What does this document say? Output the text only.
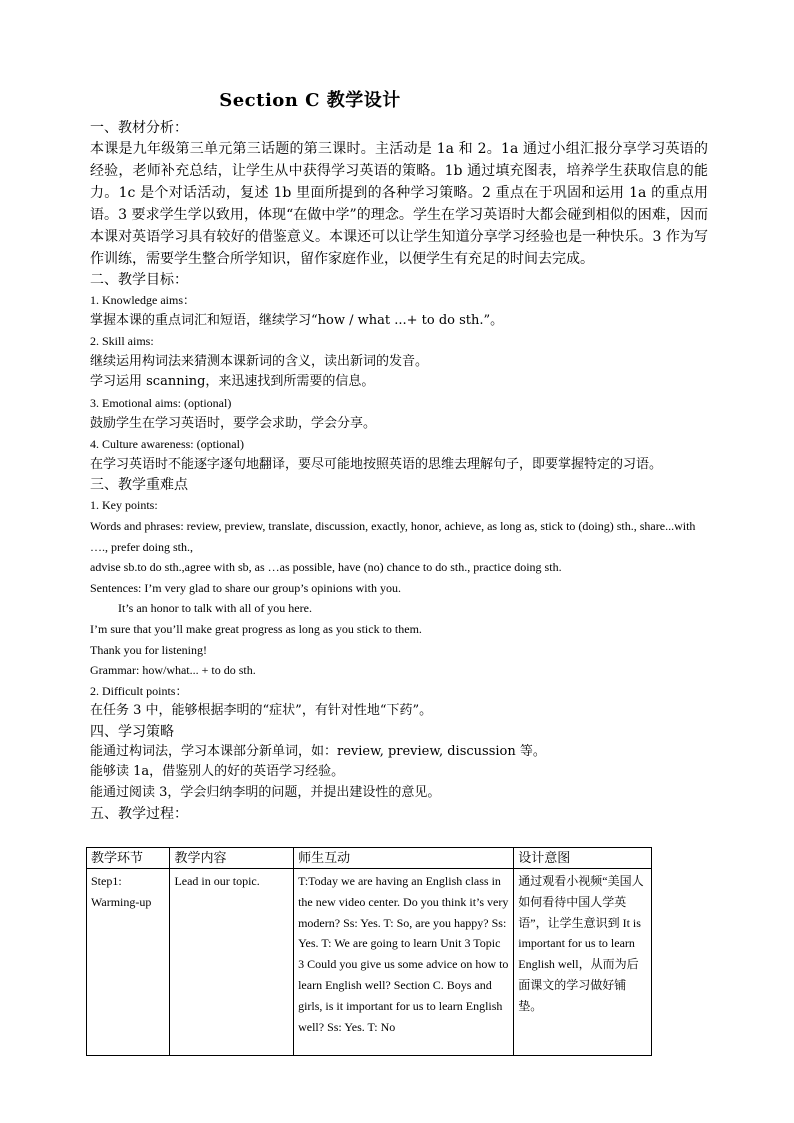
Section C 教学设计

一、教材分析：

本课是九年级第三单元第三话题的第三课时。主活动是 1a 和 2。1a 通过小组汇报分享学习英语的经验，老师补充总结，让学生从中获得学习英语的策略。1b 通过填充图表，培养学生获取信息的能力。1c 是个对话活动，复述 1b 里面所提到的各种学习策略。2 重点在于巩固和运用 1a 的重点用语。3 要求学生学以致用，体现“在做中学”的理念。学生在学习英语时大都会碰到相似的困难，因而本课对英语学习具有较好的借鉴意义。本课还可以让学生知道分享学习经验也是一种快乐。3 作为写作训练，需要学生整合所学知识，留作家庭作业，以便学生有充足的时间去完成。

二、教学目标：

1. Knowledge aims：

掌握本课的重点词汇和短语，继续学习“how / what ...+ to do sth.”。

2. Skill aims:

继续运用构词法来猜测本课新词的含义，读出新词的发音。

学习运用 scanning，来迅速找到所需要的信息。

3. Emotional aims: (optional)

鼓励学生在学习英语时，要学会求助，学会分享。

4. Culture awareness: (optional)

在学习英语时不能逐字逐句地翻译，要尽可能地按照英语的思维去理解句子，即要掌握特定的习语。

三、教学重难点

1. Key points:

Words and phrases: review, preview, translate, discussion, exactly, honor, achieve, as long as, stick to (doing) sth., share...with …., prefer doing sth.,

advise sb.to do sth.,agree with sb, as …as possible, have (no) chance to do sth., practice doing sth.

Sentences: I’m very glad to share our group’s opinions with you.

It’s an honor to talk with all of you here.

I’m sure that you’ll make great progress as long as you stick to them.

Thank you for listening!

Grammar: how/what... + to do sth.

2. Difficult points：

在任务 3 中，能够根据李明的“症状”，有针对性地“下药”。

四、学习策略

能通过构词法，学习本课部分新单词，如：review, preview, discussion 等。

能够读 1a，借鉴别人的好的英语学习经验。

能通过阅读 3，学会归纳李明的问题，并提出建设性的意见。

五、教学过程：

教学环节	教学内容	师生互动	设计意图
Step1: Warming-up	Lead in our topic.	T:Today we are having an English class in the new video center. Do you think it’s very modern? Ss: Yes. T: So, are you happy? Ss: Yes. T: We are going to learn Unit 3 Topic 3 Could you give us some advice on how to learn English well? Section C. Boys and girls, is it important for us to learn English well? Ss: Yes. T: No	通过观看小视频“美国人如何看待中国人学英语”，让学生意识到 It is important for us to learn English well，从而为后面课文的学习做好铺垫。
